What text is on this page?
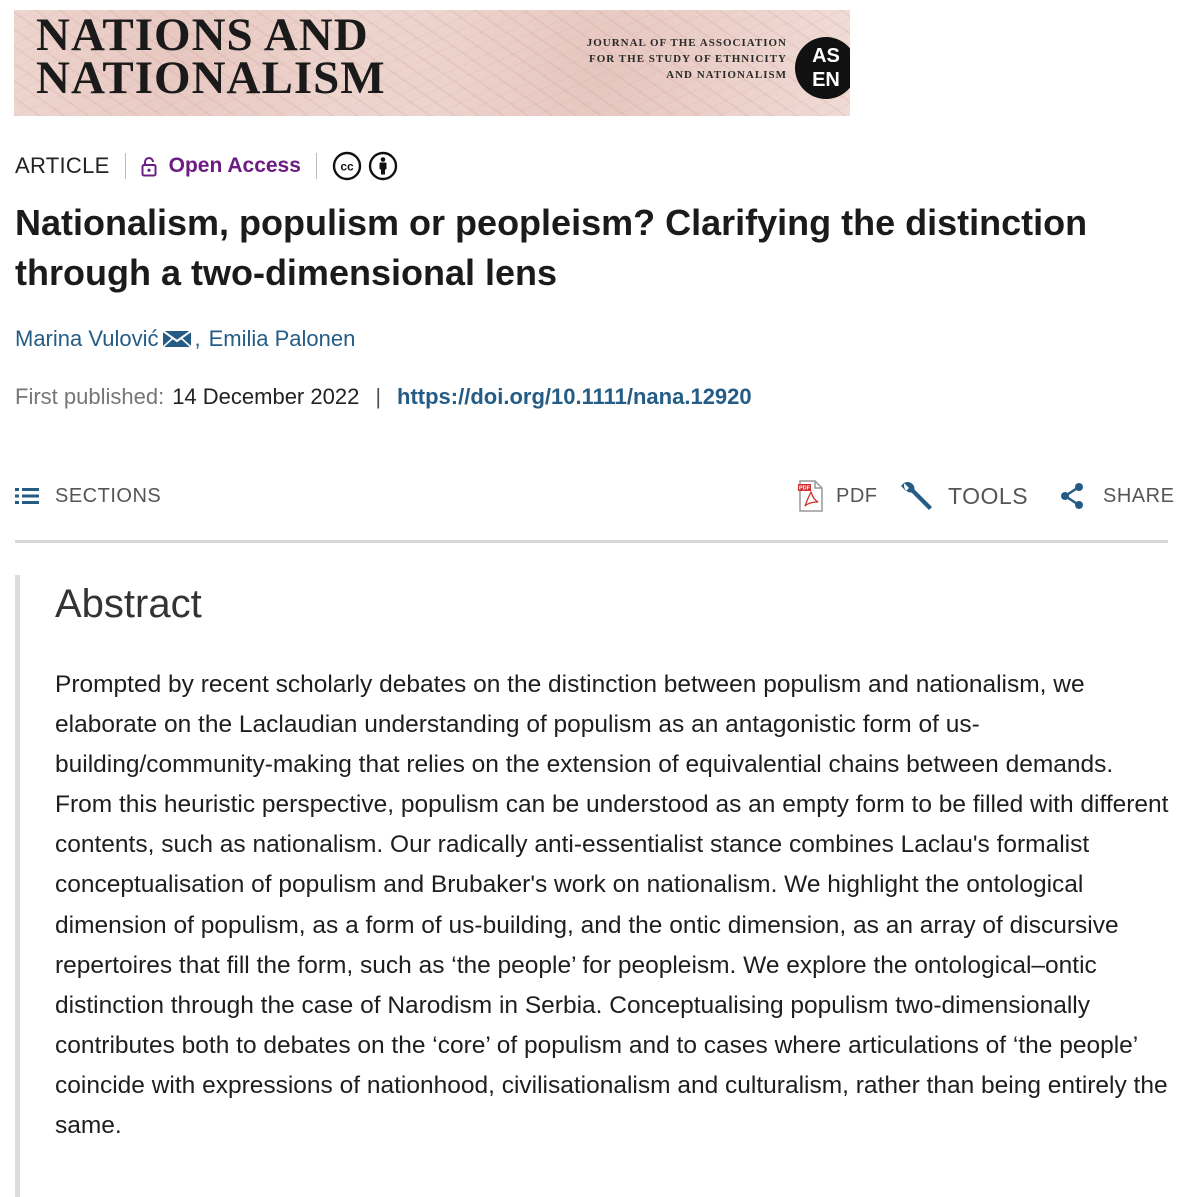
NATIONS AND
NATIONALISM
JOURNAL OF THE ASSOCIATION
FOR THE STUDY OF ETHNICITY
AND NATIONALISM
AS
EN
ARTICLE	Open Access	cc
Nationalism, populism or peopleism? Clarifying the distinction through a two-dimensional lens
Marina Vulović , Emilia Palonen
First published: 14 December 2022 | https://doi.org/10.1111/nana.12920
SECTIONS	PDF PDF	TOOLS	SHARE
Abstract

Prompted by recent scholarly debates on the distinction between populism and nationalism, we elaborate on the Laclaudian understanding of populism as an antagonistic form of us-building/community-making that relies on the extension of equivalential chains between demands. From this heuristic perspective, populism can be understood as an empty form to be filled with different contents, such as nationalism. Our radically anti-essentialist stance combines Laclau's formalist conceptualisation of populism and Brubaker's work on nationalism. We highlight the ontological dimension of populism, as a form of us-building, and the ontic dimension, as an array of discursive repertoires that fill the form, such as ‘the people’ for peopleism. We explore the ontological–ontic distinction through the case of Narodism in Serbia. Conceptualising populism two-dimensionally contributes both to debates on the ‘core’ of populism and to cases where articulations of ‘the people’ coincide with expressions of nationhood, civilisationalism and culturalism, rather than being entirely the same.
